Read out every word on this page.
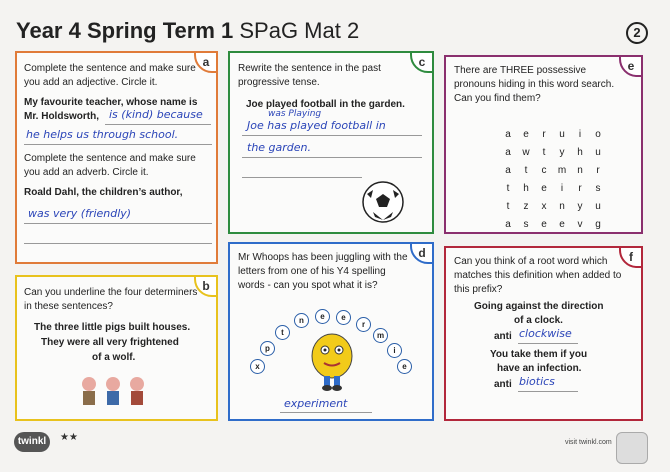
Year 4 Spring Term 1 SPaG Mat 2	2
a
Complete the sentence and make sure you add an adjective. Circle it.
My favourite teacher, whose name is
Mr. Holdsworth, is (kind) because
he helps us through school.
Complete the sentence and make sure you add an adverb. Circle it.
Roald Dahl, the children’s author,
was very (friendly)
b
Can you underline the four determiners in these sentences?
The three little pigs built houses.
They were all very frightened
of a wolf.
c
Rewrite the sentence in the past progressive tense.
Joe played football in the garden.
was Playing
Joe has played football in
the garden.
d
Mr Whoops has been juggling with the letters from one of his Y4 spelling words - can you spot what it is?
x
p
t
n	e	e
r
m
i
e
experiment
e
There are THREE possessive pronouns hiding in this word search. Can you find them?
a	e	r	u	i	o
a	w	t	y	h	u
a	t	c	m	n	r
t	h	e	i	r	s
t	z	x	n	y	u
a	s	e	e	v	g
f
Can you think of a root word which matches this definition when added to this prefix?
Going against the direction
of a clock.
anti clockwise
You take them if you
have an infection.
anti biotics
twinkl	★★	visit twinkl.com
